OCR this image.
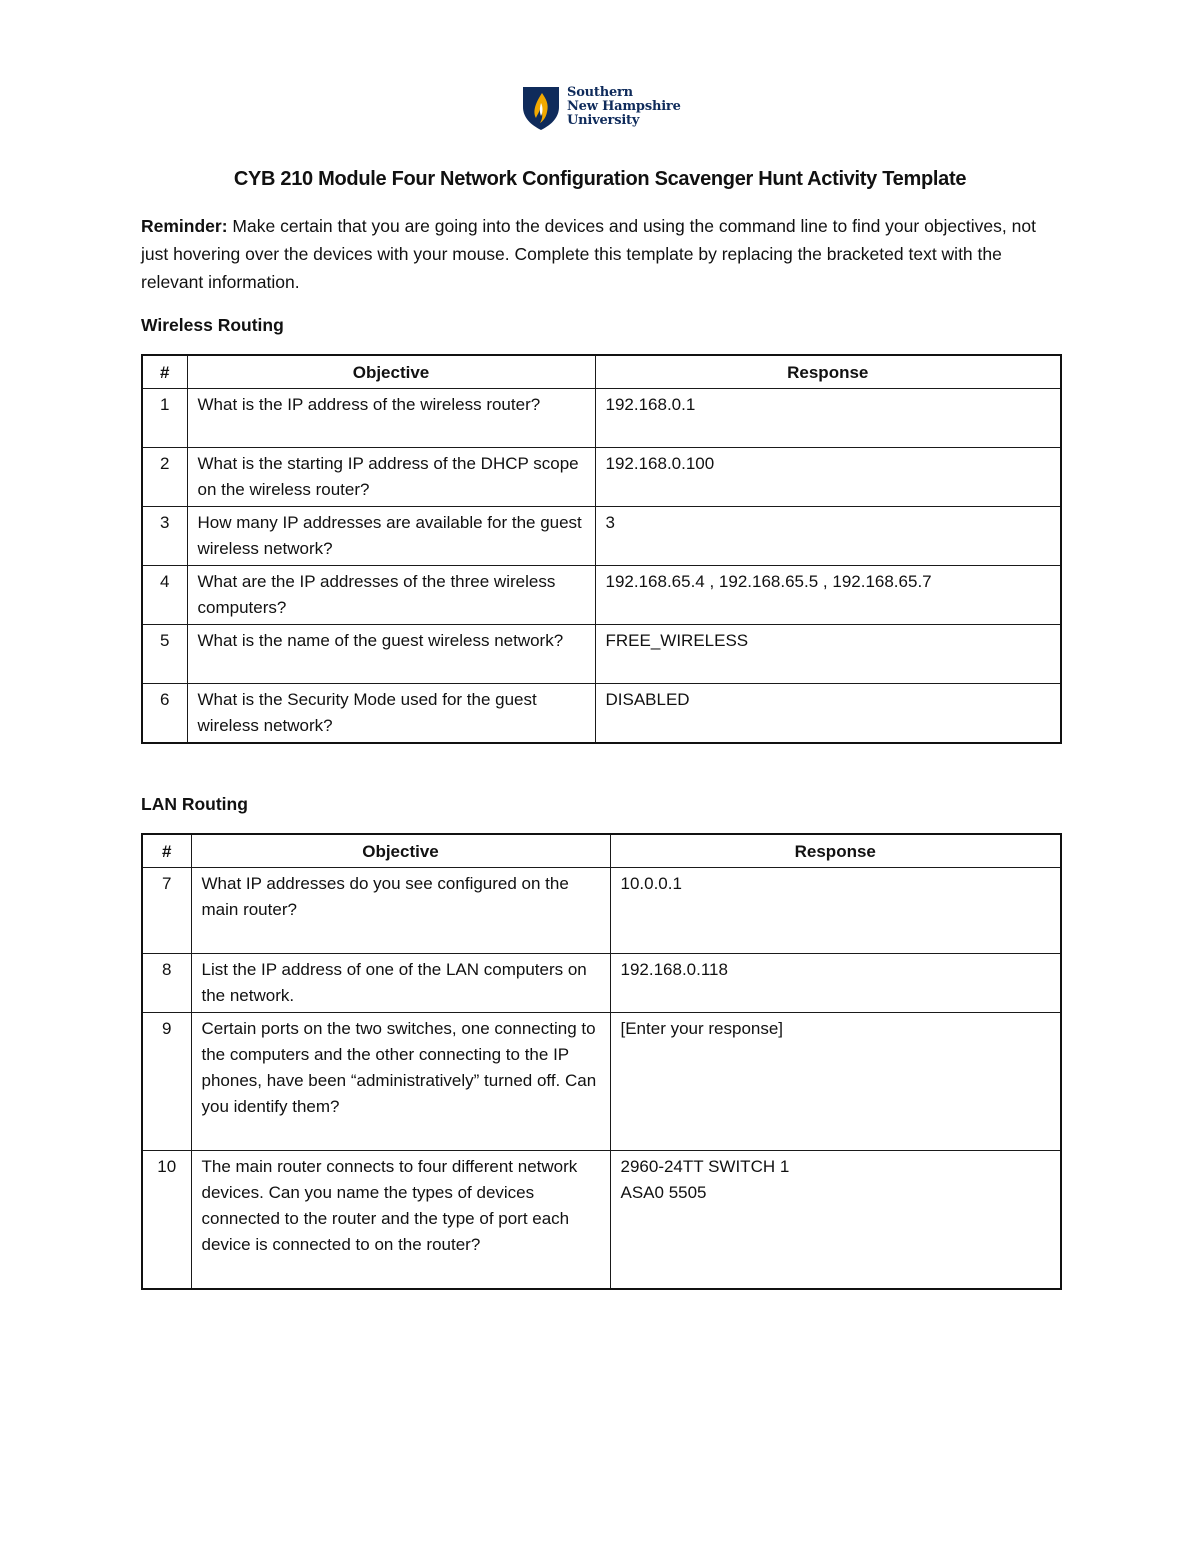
Southern
New Hampshire
University
CYB 210 Module Four Network Configuration Scavenger Hunt Activity Template
Reminder: Make certain that you are going into the devices and using the command line to find your objectives, not just hovering over the devices with your mouse. Complete this template by replacing the bracketed text with the relevant information.
Wireless Routing
#	Objective	Response
1	What is the IP address of the wireless router?	192.168.0.1
2	What is the starting IP address of the DHCP scope on the wireless router?	192.168.0.100
3	How many IP addresses are available for the guest wireless network?	3
4	What are the IP addresses of the three wireless computers?	192.168.65.4 , 192.168.65.5 , 192.168.65.7
5	What is the name of the guest wireless network?	FREE_WIRELESS
6	What is the Security Mode used for the guest wireless network?	DISABLED
LAN Routing
#	Objective	Response
7	What IP addresses do you see configured on the main router?	10.0.0.1
8	List the IP address of one of the LAN computers on the network.	192.168.0.118
9	Certain ports on the two switches, one connecting to the computers and the other connecting to the IP phones, have been “administratively” turned off. Can you identify them?	[Enter your response]
10	The main router connects to four different network devices. Can you name the types of devices connected to the router and the type of port each device is connected to on the router?	2960-24TT SWITCH 1
ASA0 5505
